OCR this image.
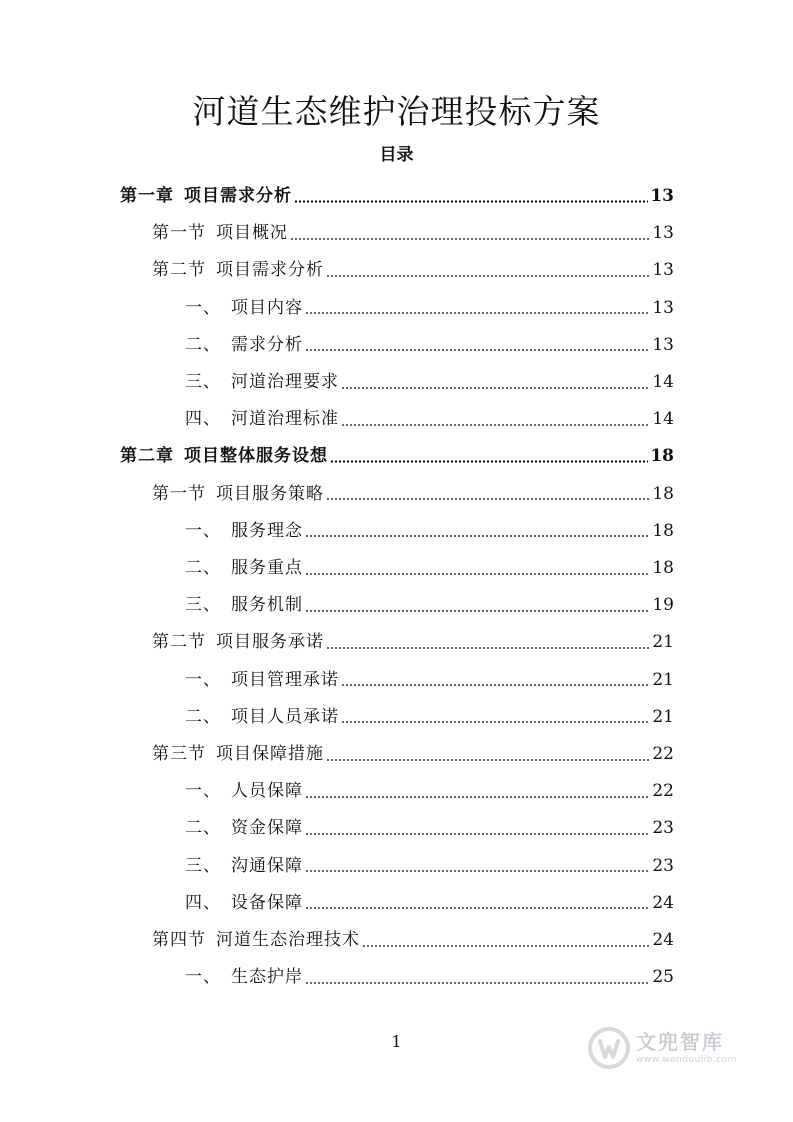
河道生态维护治理投标方案
目录
第一章 项目需求分析	13
第一节 项目概况	13
第二节 项目需求分析	13
一、 项目内容	13
二、 需求分析	13
三、 河道治理要求	14
四、 河道治理标准	14
第二章 项目整体服务设想	18
第一节 项目服务策略	18
一、 服务理念	18
二、 服务重点	18
三、 服务机制	19
第二节 项目服务承诺	21
一、 项目管理承诺	21
二、 项目人员承诺	21
第三节 项目保障措施	22
一、 人员保障	22
二、 资金保障	23
三、 沟通保障	23
四、 设备保障	24
第四节 河道生态治理技术	24
一、 生态护岸	25
1	文兜智库
www.wendoulib.com
